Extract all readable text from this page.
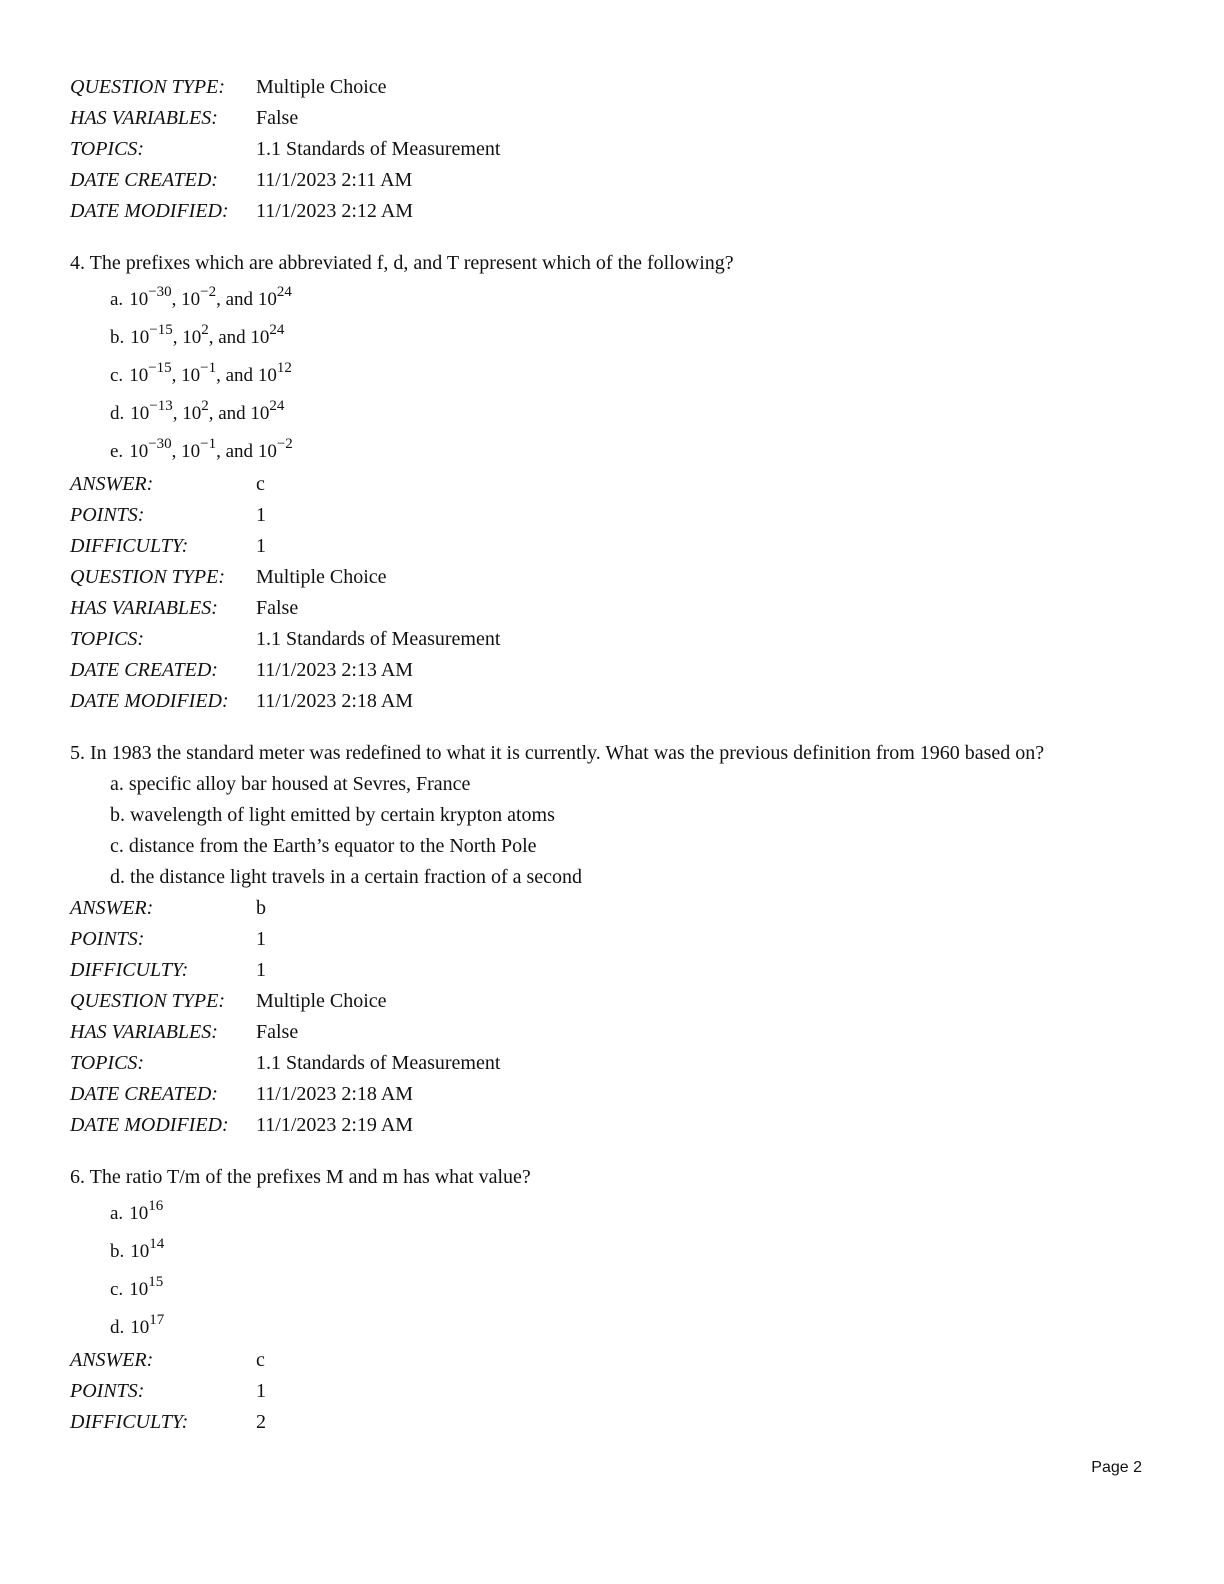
QUESTION TYPE:	Multiple Choice
HAS VARIABLES:	False
TOPICS:	1.1 Standards of Measurement
DATE CREATED:	11/1/2023 2:11 AM
DATE MODIFIED:	11/1/2023 2:12 AM
4. The prefixes which are abbreviated f, d, and T represent which of the following?
a. $10^{-30}$, $10^{-2}$, and $10^{24}$
b. $10^{-15}$, $10^2$, and $10^{24}$
c. $10^{-15}$, $10^{-1}$, and $10^{12}$
d. $10^{-13}$, $10^2$, and $10^{24}$
e. $10^{-30}$, $10^{-1}$, and $10^{-2}$
ANSWER:	c
POINTS:	1
DIFFICULTY:	1
QUESTION TYPE:	Multiple Choice
HAS VARIABLES:	False
TOPICS:	1.1 Standards of Measurement
DATE CREATED:	11/1/2023 2:13 AM
DATE MODIFIED:	11/1/2023 2:18 AM
5. In 1983 the standard meter was redefined to what it is currently. What was the previous definition from 1960 based on?
a. specific alloy bar housed at Sevres, France
b. wavelength of light emitted by certain krypton atoms
c. distance from the Earth’s equator to the North Pole
d. the distance light travels in a certain fraction of a second
ANSWER:	b
POINTS:	1
DIFFICULTY:	1
QUESTION TYPE:	Multiple Choice
HAS VARIABLES:	False
TOPICS:	1.1 Standards of Measurement
DATE CREATED:	11/1/2023 2:18 AM
DATE MODIFIED:	11/1/2023 2:19 AM
6. The ratio T/m of the prefixes M and m has what value?
a. $10^{16}$
b. $10^{14}$
c. $10^{15}$
d. $10^{17}$
ANSWER:	c
POINTS:	1
DIFFICULTY:	2
Page 2
